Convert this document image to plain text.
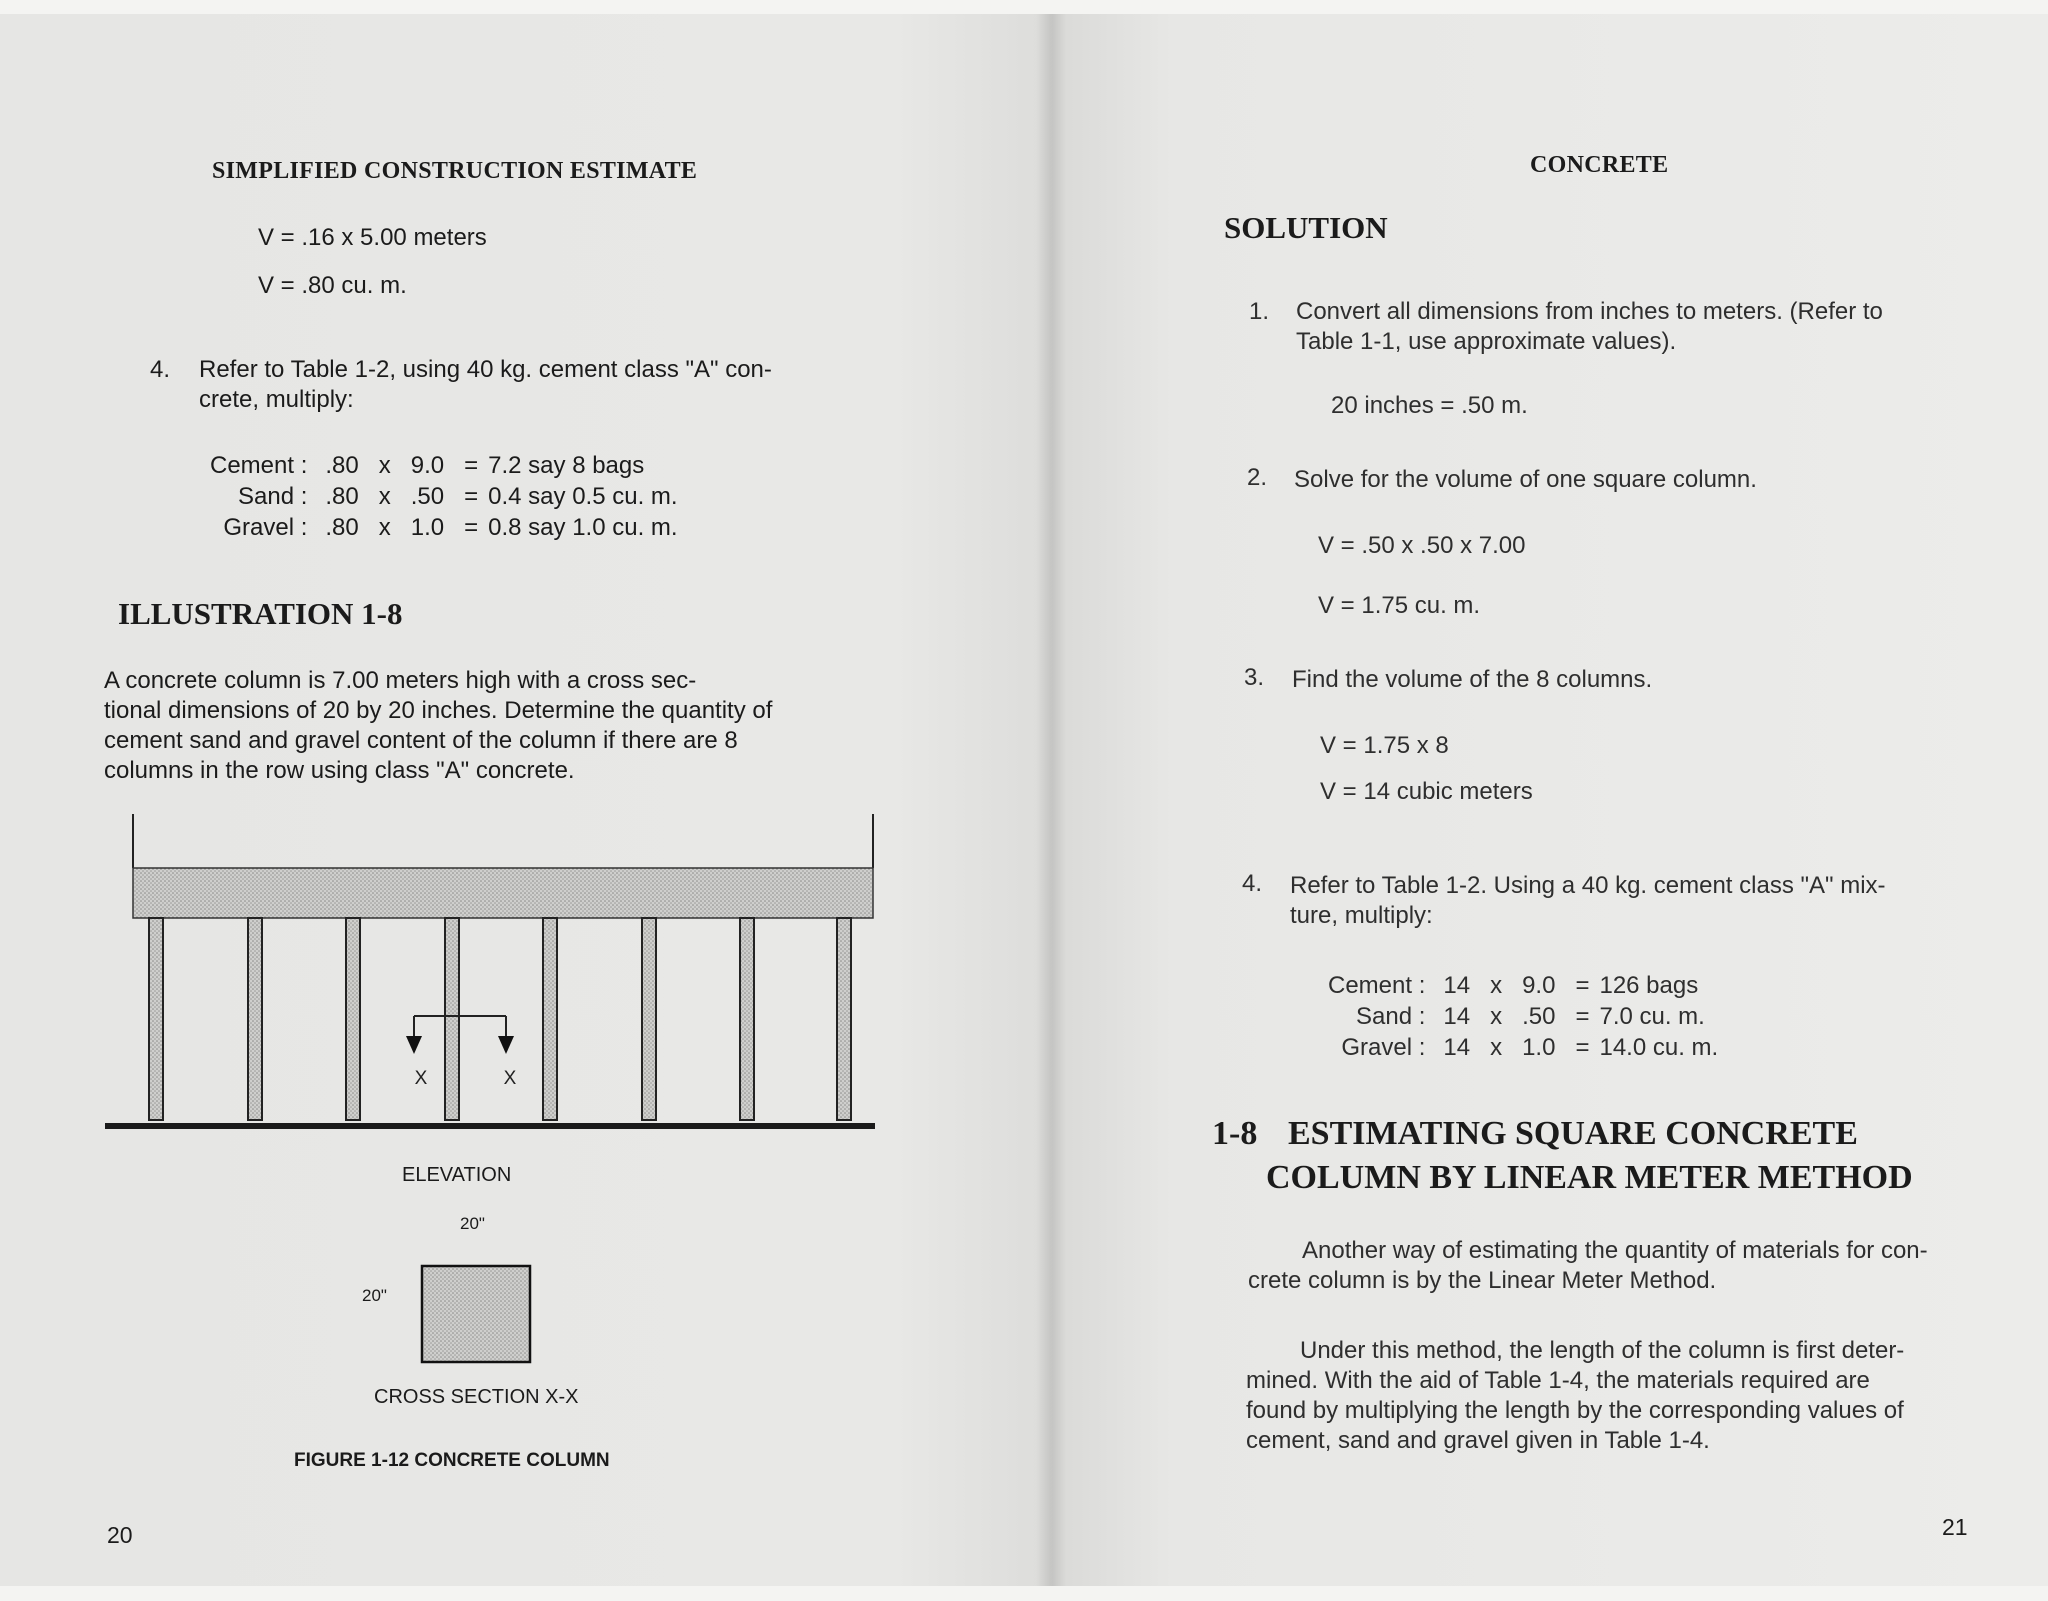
SIMPLIFIED CONSTRUCTION ESTIMATE
V = .16 x 5.00 meters
V = .80 cu. m.
4. Refer to Table 1-2, using 40 kg. cement class "A" con-
crete, multiply:
Cement :	.80	x	9.0	=	7.2 say 8 bags
Sand :	.80	x	.50	=	0.4 say 0.5 cu. m.
Gravel :	.80	x	1.0	=	0.8 say 1.0 cu. m.
ILLUSTRATION 1-8
A concrete column is 7.00 meters high with a cross sec-
tional dimensions of 20 by 20 inches. Determine the quantity of
cement sand and gravel content of the column if there are 8
columns in the row using class "A" concrete.
X	X
ELEVATION
20"
20"
CROSS SECTION X-X
FIGURE 1-12 CONCRETE COLUMN
20
CONCRETE
SOLUTION
1. Convert all dimensions from inches to meters. (Refer to
Table 1-1, use approximate values).
20 inches = .50 m.
2. Solve for the volume of one square column.
V = .50 x .50 x 7.00
V = 1.75 cu. m.
3. Find the volume of the 8 columns.
V = 1.75 x 8
V = 14 cubic meters
4. Refer to Table 1-2. Using a 40 kg. cement class "A" mix-
ture, multiply:
Cement :	14	x	9.0	=	126 bags
Sand :	14	x	.50	=	7.0 cu. m.
Gravel :	14	x	1.0	=	14.0 cu. m.
1-8 ESTIMATING SQUARE CONCRETE
COLUMN BY LINEAR METER METHOD
Another way of estimating the quantity of materials for con-
crete column is by the Linear Meter Method.
Under this method, the length of the column is first deter-
mined. With the aid of Table 1-4, the materials required are
found by multiplying the length by the corresponding values of
cement, sand and gravel given in Table 1-4.
21
